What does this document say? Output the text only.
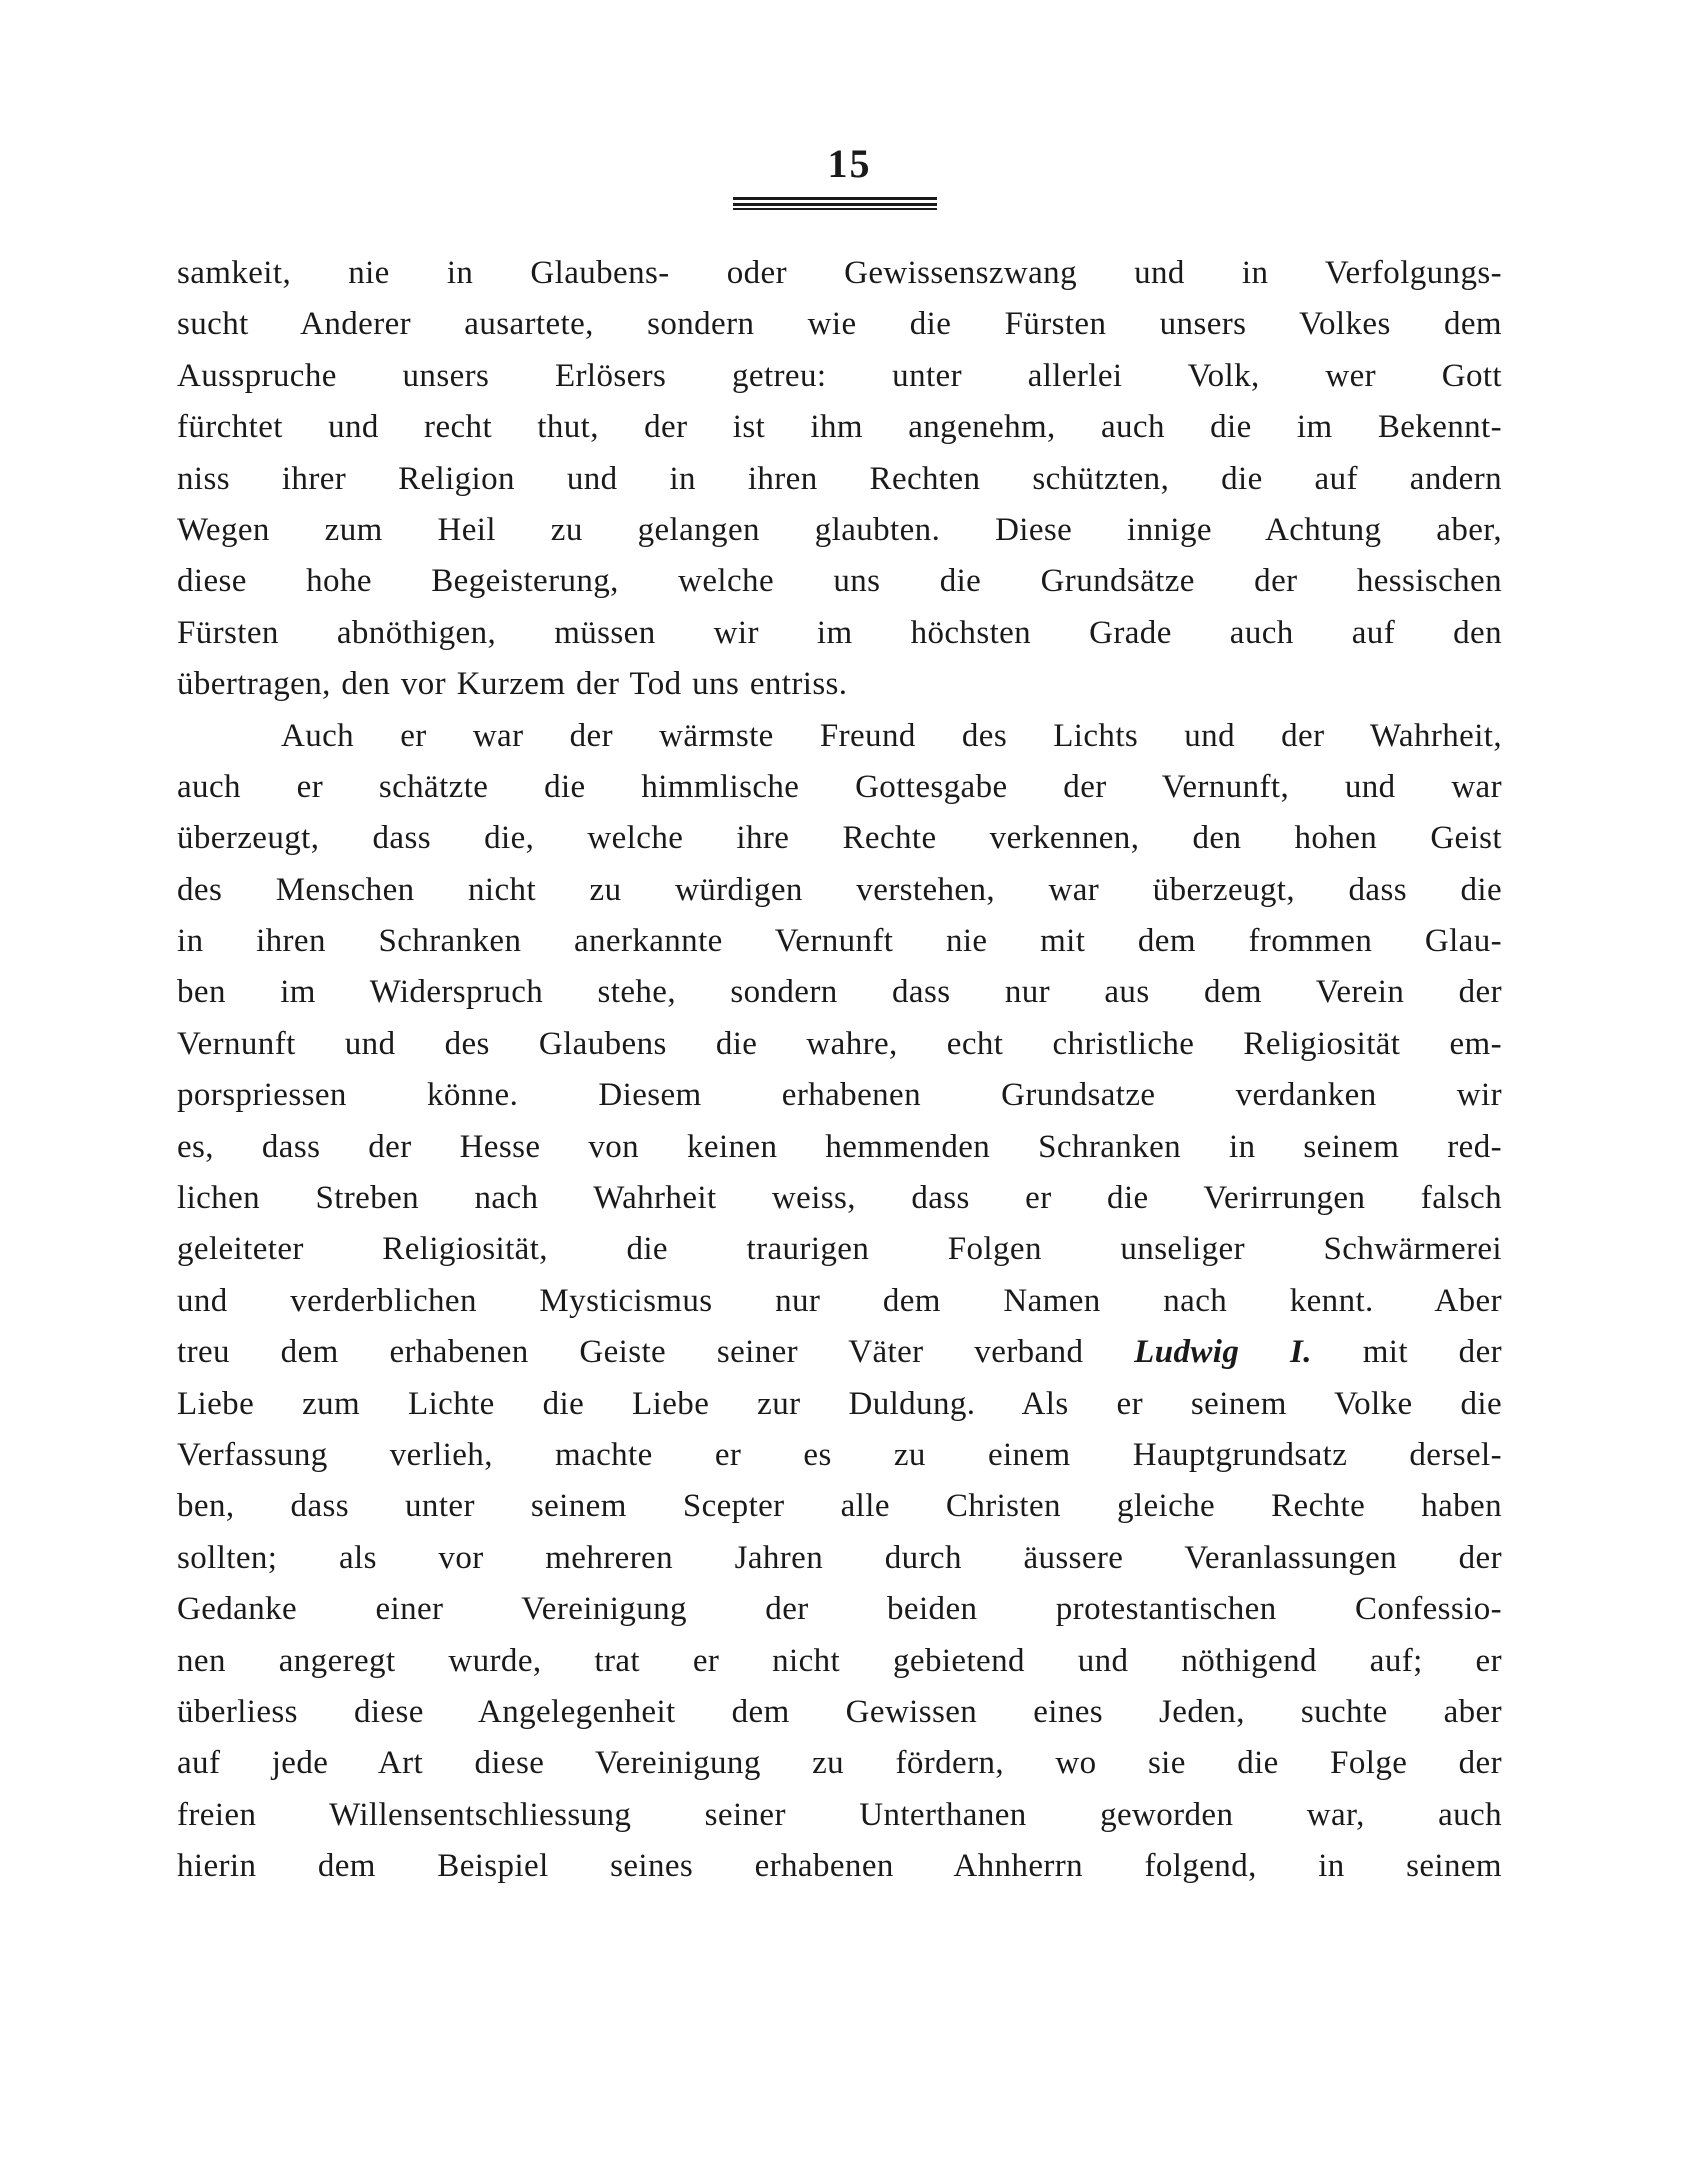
15
samkeit, nie in Glaubens- oder Gewissenszwang und in Verfolgungs-
sucht Anderer ausartete, sondern wie die Fürsten unsers Volkes dem
Ausspruche unsers Erlösers getreu: unter allerlei Volk, wer Gott
fürchtet und recht thut, der ist ihm angenehm, auch die im Bekennt-
niss ihrer Religion und in ihren Rechten schützten, die auf andern
Wegen zum Heil zu gelangen glaubten. Diese innige Achtung aber,
diese hohe Begeisterung, welche uns die Grundsätze der hessischen
Fürsten abnöthigen, müssen wir im höchsten Grade auch auf den
übertragen, den vor Kurzem der Tod uns entriss.
Auch er war der wärmste Freund des Lichts und der Wahrheit,
auch er schätzte die himmlische Gottesgabe der Vernunft, und war
überzeugt, dass die, welche ihre Rechte verkennen, den hohen Geist
des Menschen nicht zu würdigen verstehen, war überzeugt, dass die
in ihren Schranken anerkannte Vernunft nie mit dem frommen Glau-
ben im Widerspruch stehe, sondern dass nur aus dem Verein der
Vernunft und des Glaubens die wahre, echt christliche Religiosität em-
porspriessen könne. Diesem erhabenen Grundsatze verdanken wir
es, dass der Hesse von keinen hemmenden Schranken in seinem red-
lichen Streben nach Wahrheit weiss, dass er die Verirrungen falsch
geleiteter Religiosität, die traurigen Folgen unseliger Schwärmerei
und verderblichen Mysticismus nur dem Namen nach kennt. Aber
treu dem erhabenen Geiste seiner Väter verband Ludwig I. mit der
Liebe zum Lichte die Liebe zur Duldung. Als er seinem Volke die
Verfassung verlieh, machte er es zu einem Hauptgrundsatz dersel-
ben, dass unter seinem Scepter alle Christen gleiche Rechte haben
sollten; als vor mehreren Jahren durch äussere Veranlassungen der
Gedanke einer Vereinigung der beiden protestantischen Confessio-
nen angeregt wurde, trat er nicht gebietend und nöthigend auf; er
überliess diese Angelegenheit dem Gewissen eines Jeden, suchte aber
auf jede Art diese Vereinigung zu fördern, wo sie die Folge der
freien Willensentschliessung seiner Unterthanen geworden war, auch
hierin dem Beispiel seines erhabenen Ahnherrn folgend, in seinem
